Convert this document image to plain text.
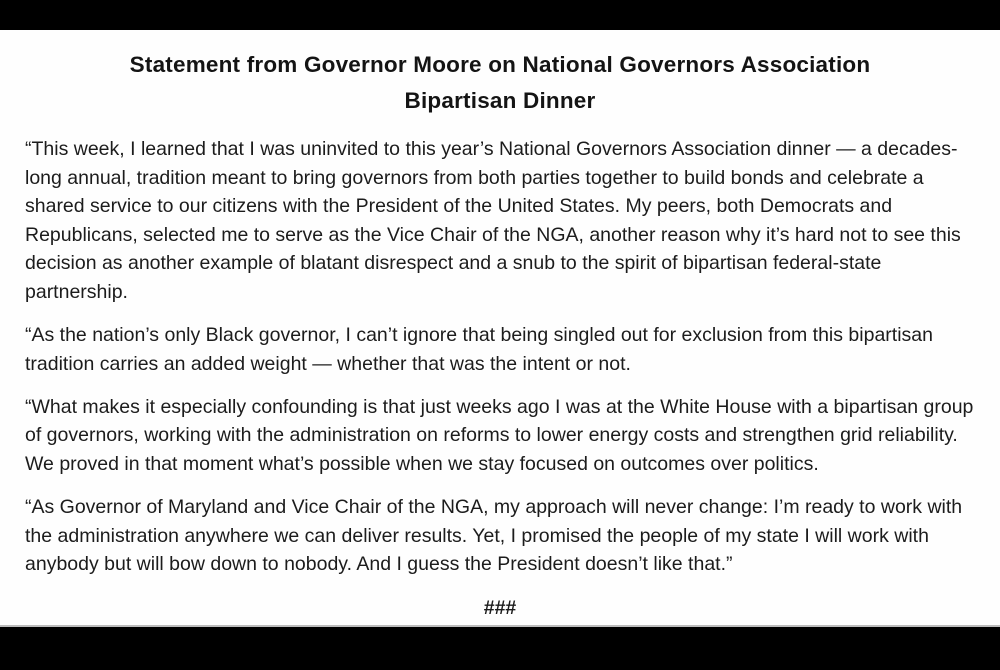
Statement from Governor Moore on National Governors Association
Bipartisan Dinner

“This week, I learned that I was uninvited to this year’s National Governors Association dinner — a decades-long annual, tradition meant to bring governors from both parties together to build bonds and celebrate a shared service to our citizens with the President of the United States. My peers, both Democrats and Republicans, selected me to serve as the Vice Chair of the NGA, another reason why it’s hard not to see this decision as another example of blatant disrespect and a snub to the spirit of bipartisan federal-state partnership.

“As the nation’s only Black governor, I can’t ignore that being singled out for exclusion from this bipartisan tradition carries an added weight — whether that was the intent or not.

“What makes it especially confounding is that just weeks ago I was at the White House with a bipartisan group of governors, working with the administration on reforms to lower energy costs and strengthen grid reliability. We proved in that moment what’s possible when we stay focused on outcomes over politics.

“As Governor of Maryland and Vice Chair of the NGA, my approach will never change: I’m ready to work with the administration anywhere we can deliver results. Yet, I promised the people of my state I will work with anybody but will bow down to nobody. And I guess the President doesn’t like that.”

###
